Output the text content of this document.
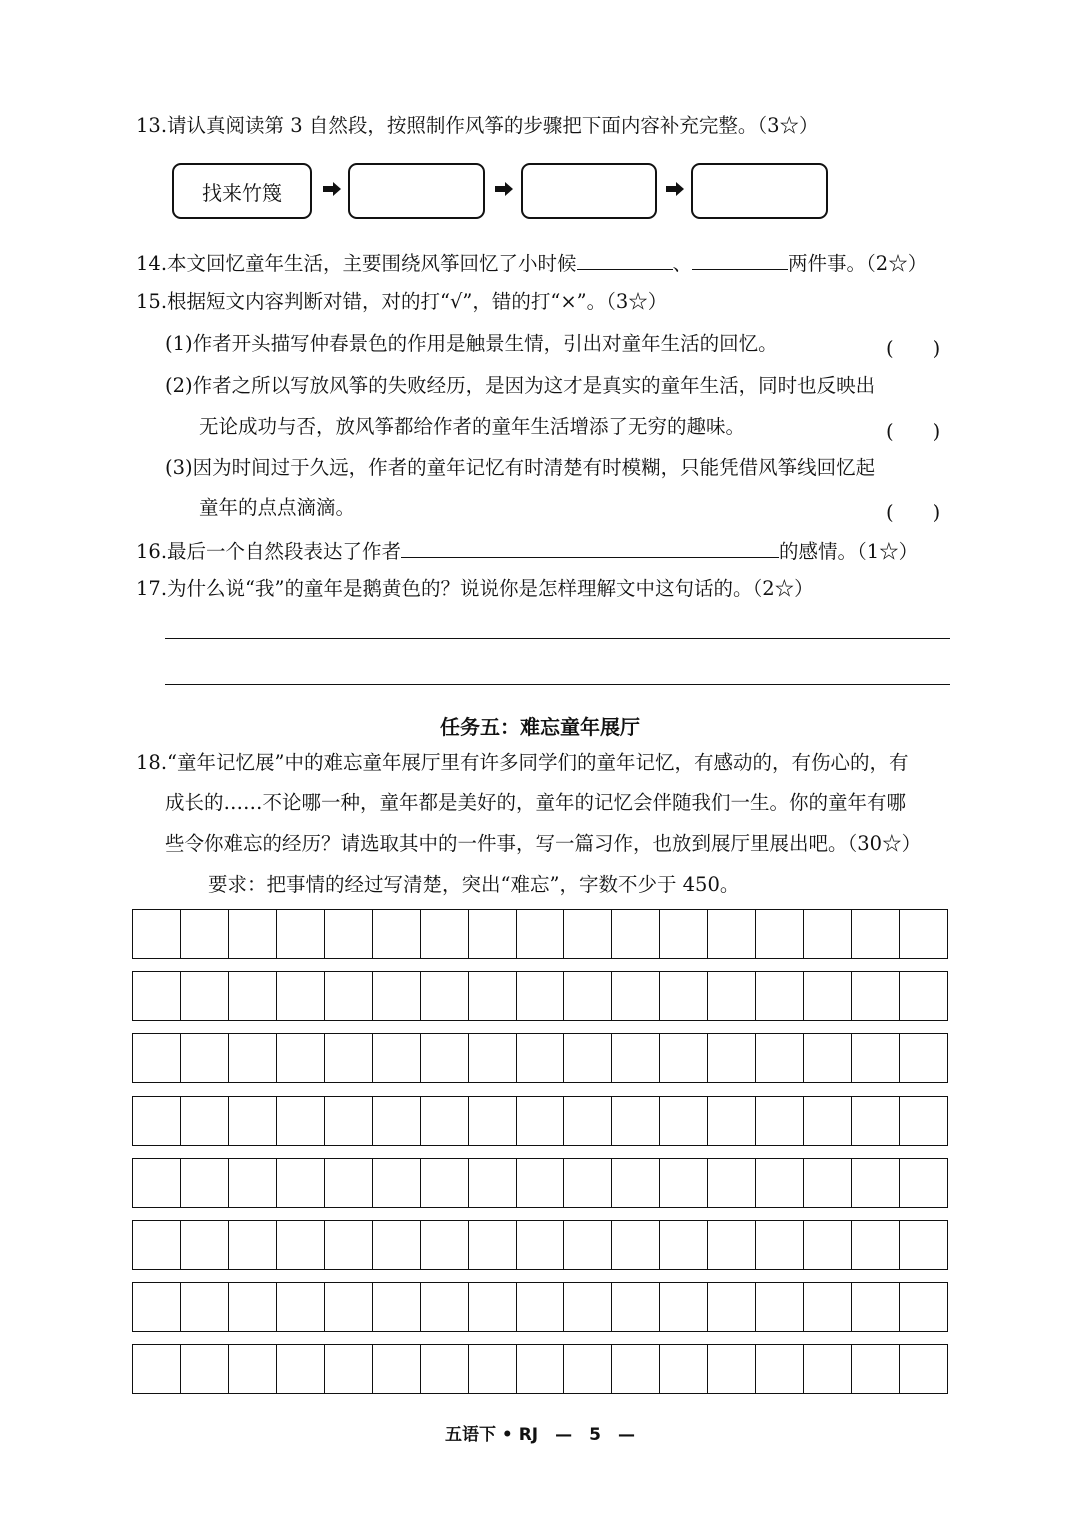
13.请认真阅读第 3 自然段，按照制作风筝的步骤把下面内容补充完整。（3☆）
找来竹篾
14.本文回忆童年生活，主要围绕风筝回忆了小时候	、	两件事。（2☆）
15.根据短文内容判断对错，对的打“√”，错的打“×”。（3☆）
(1)作者开头描写仲春景色的作用是触景生情，引出对童年生活的回忆。	(　　)
(2)作者之所以写放风筝的失败经历，是因为这才是真实的童年生活，同时也反映出
无论成功与否，放风筝都给作者的童年生活增添了无穷的趣味。	(　　)
(3)因为时间过于久远，作者的童年记忆有时清楚有时模糊，只能凭借风筝线回忆起
童年的点点滴滴。	(　　)
16.最后一个自然段表达了作者	的感情。（1☆）
17.为什么说“我”的童年是鹅黄色的？说说你是怎样理解文中这句话的。（2☆）
任务五：难忘童年展厅
18.“童年记忆展”中的难忘童年展厅里有许多同学们的童年记忆，有感动的，有伤心的，有
成长的……不论哪一种，童年都是美好的，童年的记忆会伴随我们一生。你的童年有哪
些令你难忘的经历？请选取其中的一件事，写一篇习作，也放到展厅里展出吧。（30☆）
要求：把事情的经过写清楚，突出“难忘”，字数不少于 450。
五语下 • RJ　—　5　—
